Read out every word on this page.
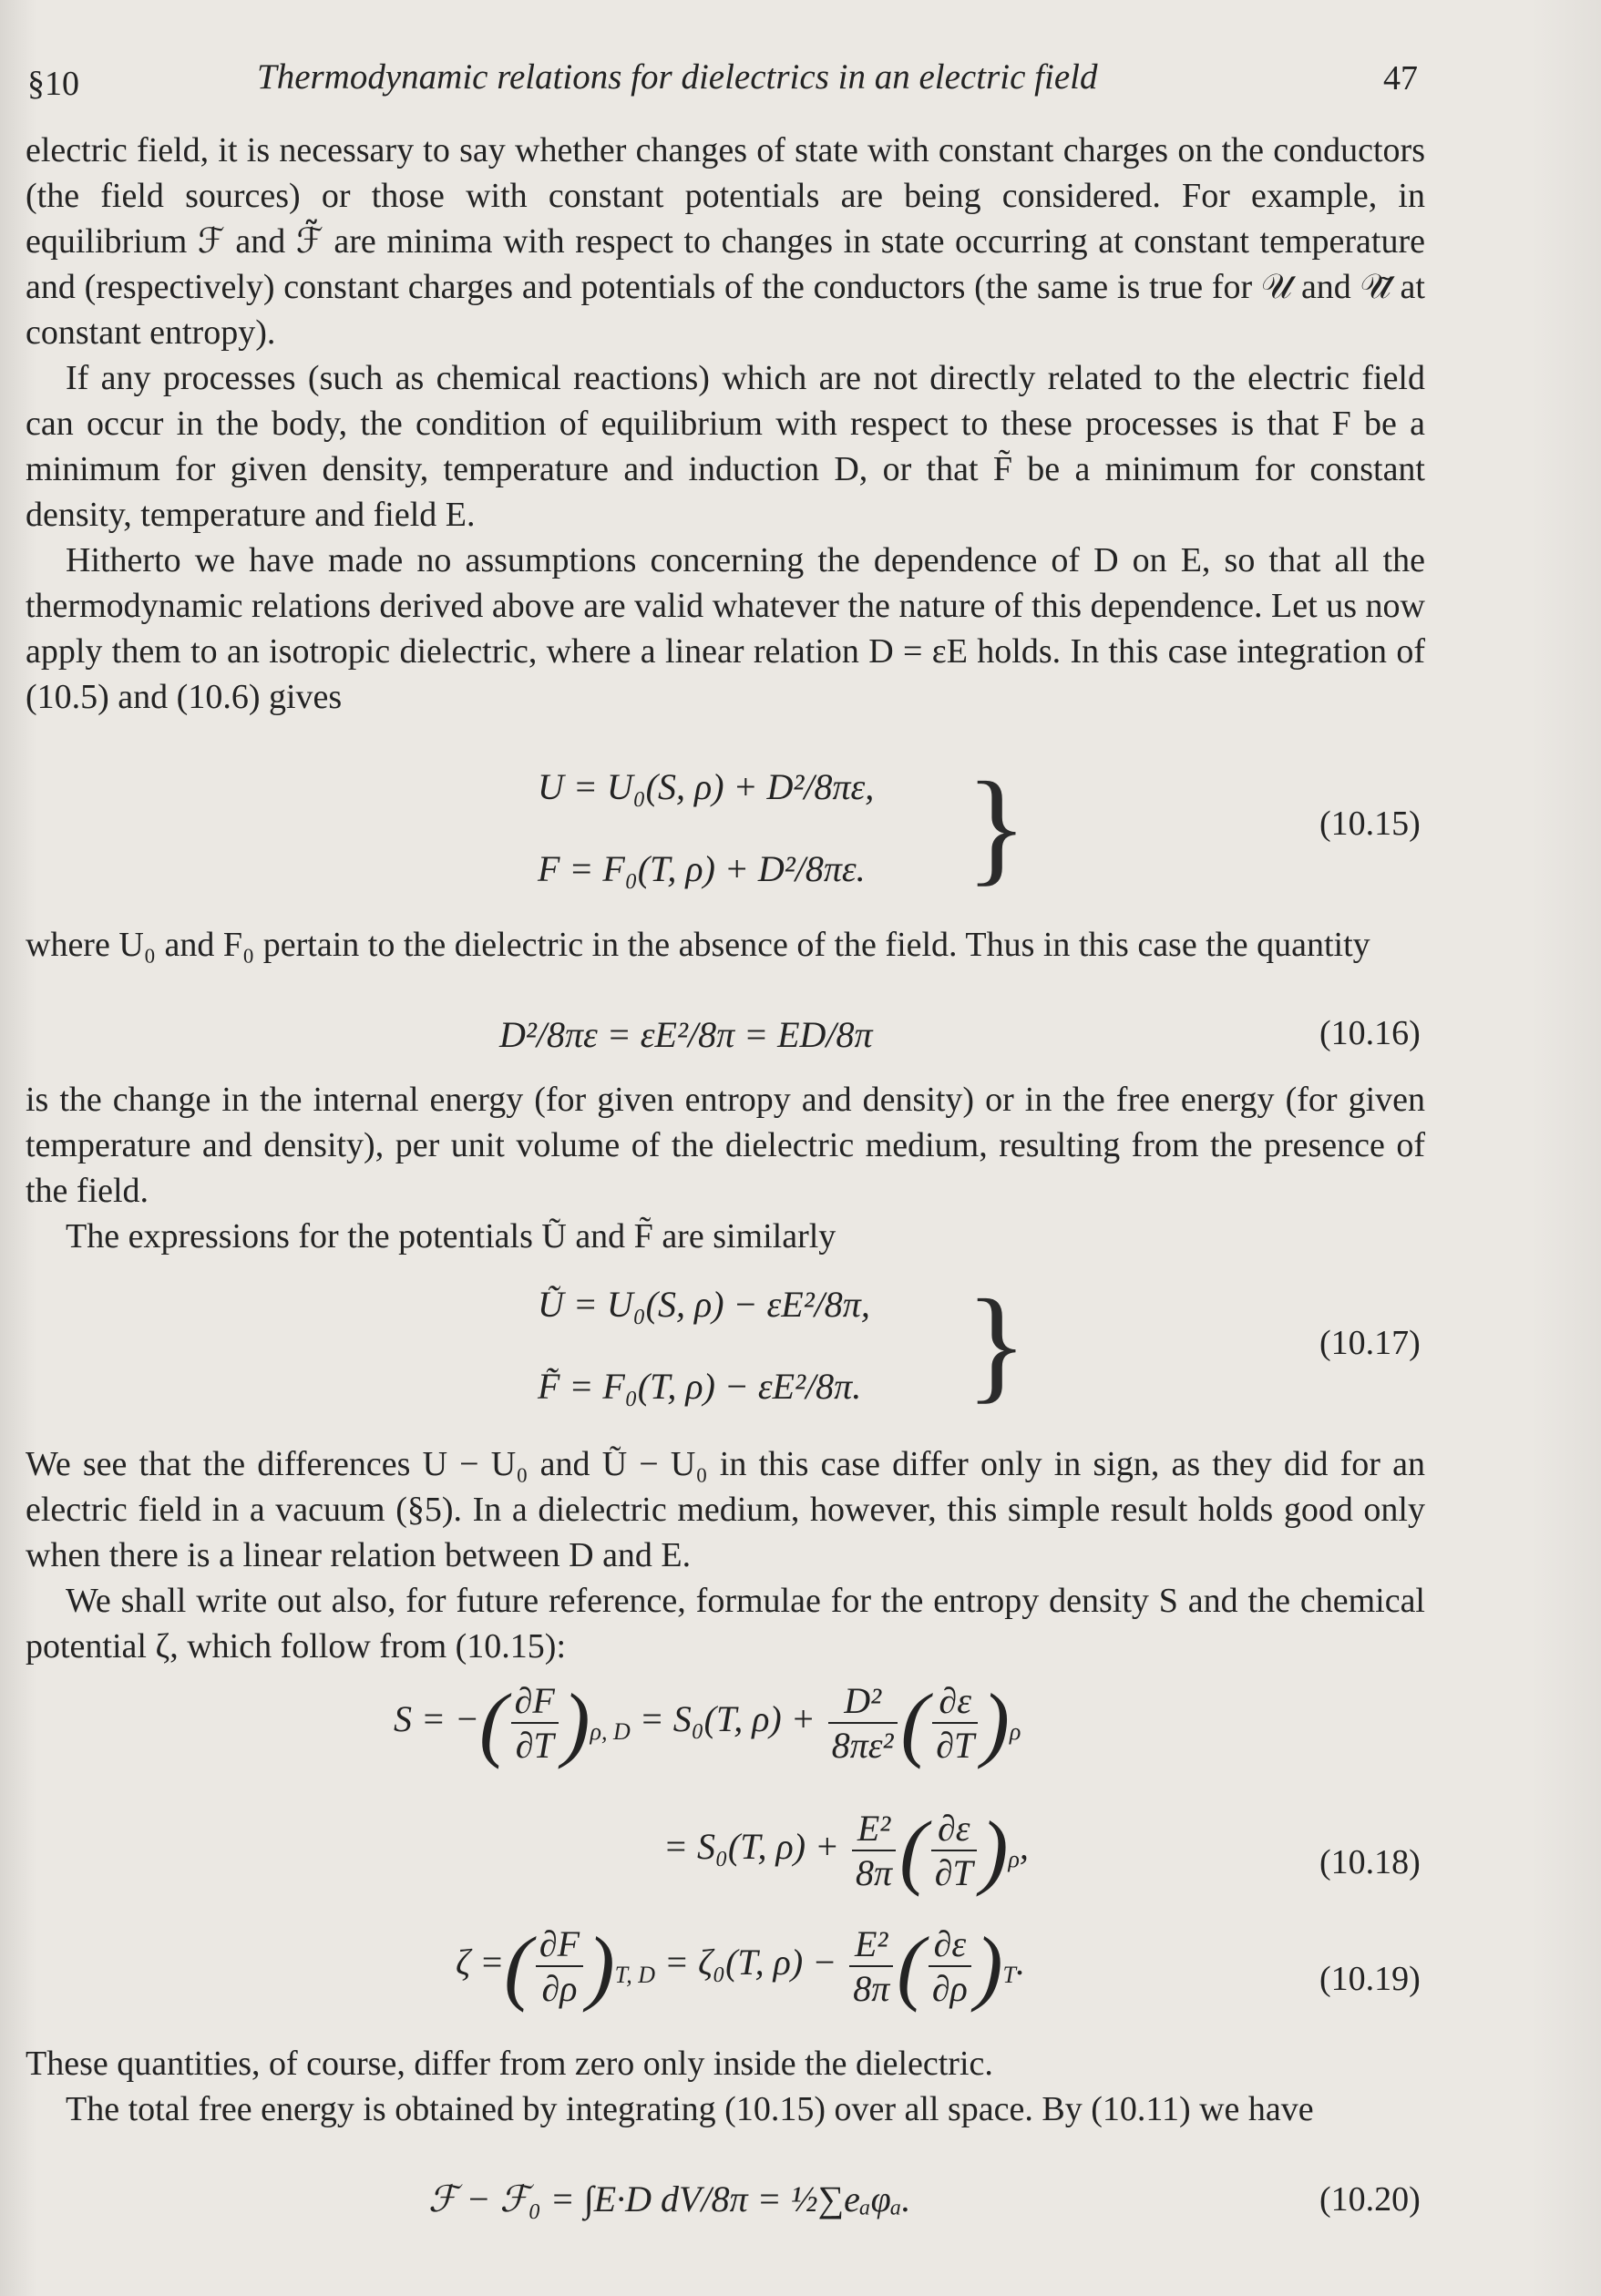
§10	Thermodynamic relations for dielectrics in an electric field	47

electric field, it is necessary to say whether changes of state with constant charges on the conductors (the field sources) or those with constant potentials are being considered. For example, in equilibrium ℱ and ℱ̃ are minima with respect to changes in state occurring at constant temperature and (respectively) constant charges and potentials of the conductors (the same is true for 𝒰 and 𝒰̃ at constant entropy).

If any processes (such as chemical reactions) which are not directly related to the electric field can occur in the body, the condition of equilibrium with respect to these processes is that F be a minimum for given density, temperature and induction D, or that F̃ be a minimum for constant density, temperature and field E.

Hitherto we have made no assumptions concerning the dependence of D on E, so that all the thermodynamic relations derived above are valid whatever the nature of this dependence. Let us now apply them to an isotropic dielectric, where a linear relation D = εE holds. In this case integration of (10.5) and (10.6) gives

U = U₀(S, ρ) + D²/8πε,
F = F₀(T, ρ) + D²/8πε. }	(10.15)

where U₀ and F₀ pertain to the dielectric in the absence of the field. Thus in this case the quantity

D²/8πε = εE²/8π = ED/8π	(10.16)

is the change in the internal energy (for given entropy and density) or in the free energy (for given temperature and density), per unit volume of the dielectric medium, resulting from the presence of the field.

The expressions for the potentials Ũ and F̃ are similarly

Ũ = U₀(S, ρ) − εE²/8π,
F̃ = F₀(T, ρ) − εE²/8π. }	(10.17)

We see that the differences U − U₀ and Ũ − U₀ in this case differ only in sign, as they did for an electric field in a vacuum (§5). In a dielectric medium, however, this simple result holds good only when there is a linear relation between D and E.

We shall write out also, for future reference, formulae for the entropy density S and the chemical potential ζ, which follow from (10.15):

S = −( $\frac{\partial F}{\partial T} )_{\rho, D} = S_0(T$, $\rho) + \frac{\text{D²}}{\text{8πε²}}$ ( $\frac{\partial\varepsilon}{\partial T} )_\rho$
= S₀(T, $\rho) + \frac{\text{E²}}{8\pi}$ ( $\frac{\partial\varepsilon}{\partial T} )_\rho$,	(10.18)
ζ =( $\frac{\partial F}{\partial\rho} )_{T, D} = \zeta_0(T$, $\rho) - \frac{\text{E²}}{8\pi}$ ( $\frac{\partial\varepsilon}{\partial\rho} )_T$.	(10.19)

These quantities, of course, differ from zero only inside the dielectric.

The total free energy is obtained by integrating (10.15) over all space. By (10.11) we have

ℱ − ℱ₀ = ∫E·D dV/8π = ½∑eₐφₐ.	(10.20)
